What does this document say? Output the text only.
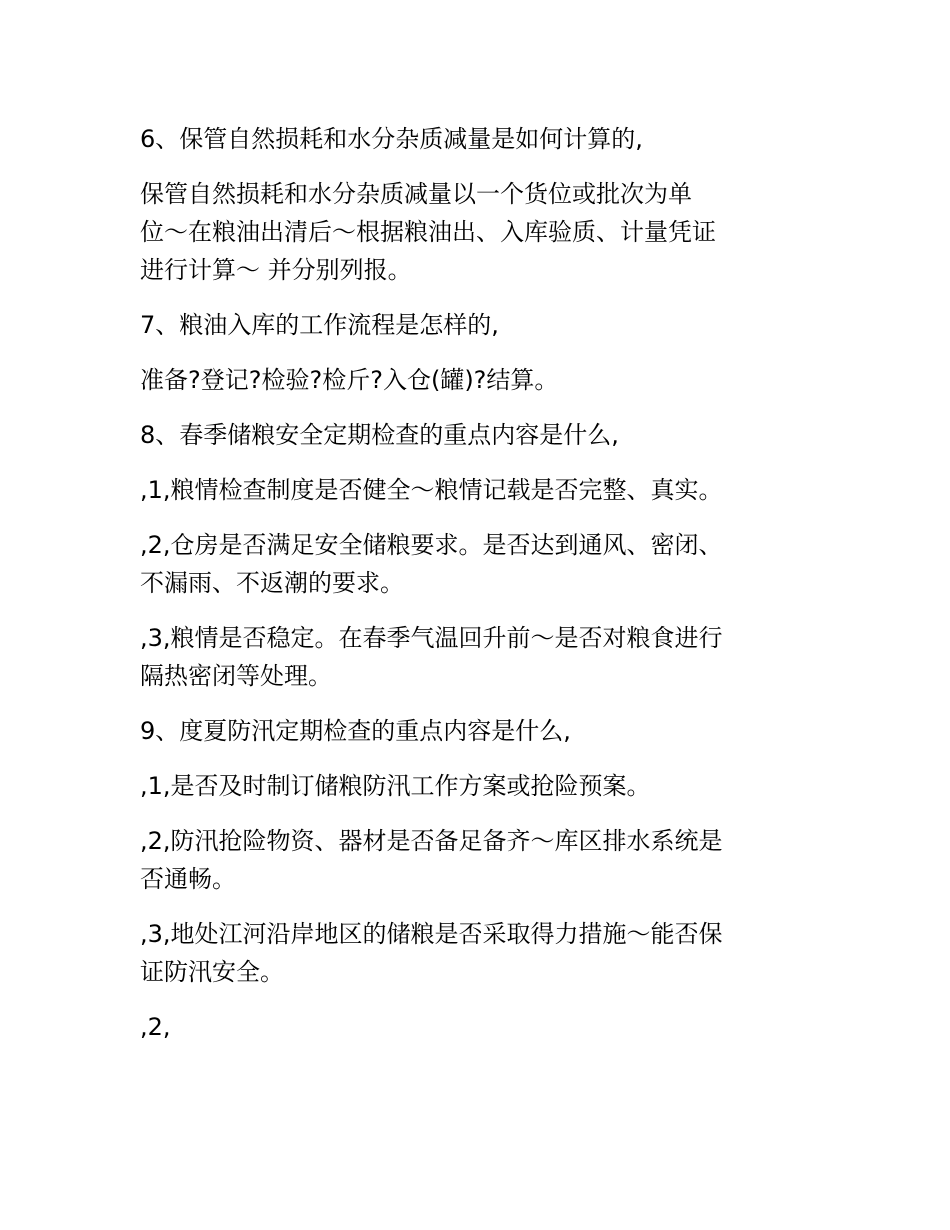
6、保管自然损耗和水分杂质减量是如何计算的,

保管自然损耗和水分杂质减量以一个货位或批次为单
位～在粮油出清后～根据粮油出、入库验质、计量凭证
进行计算～ 并分别列报。

7、粮油入库的工作流程是怎样的,

准备?登记?检验?检斤?入仓(罐)?结算。

8、春季储粮安全定期检查的重点内容是什么,

,1,粮情检查制度是否健全～粮情记载是否完整、真实。

,2,仓房是否满足安全储粮要求。是否达到通风、密闭、
不漏雨、不返潮的要求。

,3,粮情是否稳定。在春季气温回升前～是否对粮食进行
隔热密闭等处理。

9、度夏防汛定期检查的重点内容是什么,

,1,是否及时制订储粮防汛工作方案或抢险预案。

,2,防汛抢险物资、器材是否备足备齐～库区排水系统是
否通畅。

,3,地处江河沿岸地区的储粮是否采取得力措施～能否保
证防汛安全。

,2,
